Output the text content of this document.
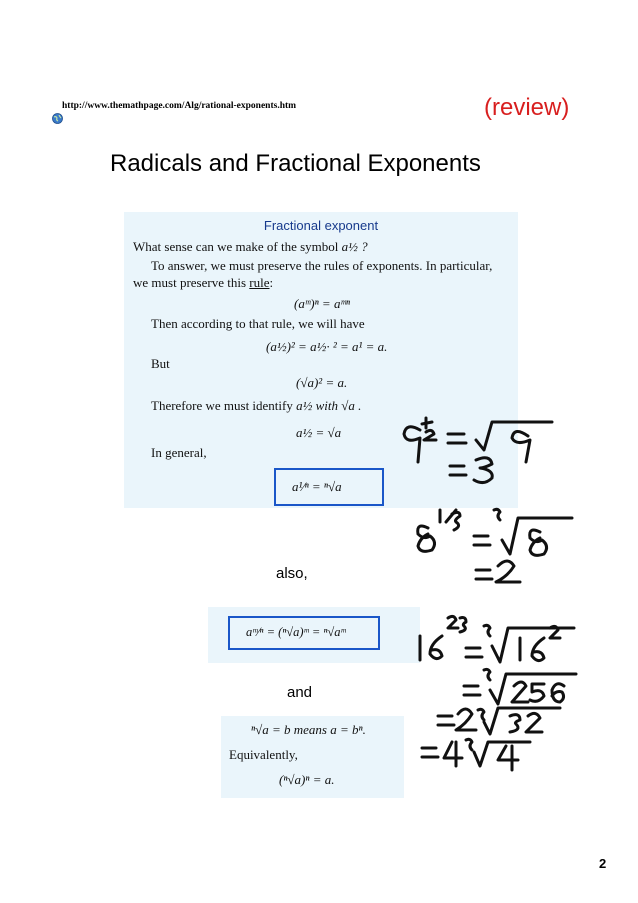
http://www.themathpage.com/Alg/rational-exponents.htm	(review)
Radicals and Fractional Exponents
Fractional exponent
What sense can we make of the symbol a½ ?
To answer, we must preserve the rules of exponents. In particular,
we must preserve this rule:
(aᵐ)ⁿ = aᵐⁿ
Then according to that rule, we will have
(a½)² = a½· ² = a¹ = a.
But
(√a)² = a.
Therefore we must identify a½ with √a .
a½ = √a
In general,
a¹⁄ⁿ = ⁿ√a
also,
aᵐ⁄ⁿ = (ⁿ√a)ᵐ = ⁿ√aᵐ
and
ⁿ√a = b means a = bⁿ.
Equivalently,
(ⁿ√a)ⁿ = a.
2
